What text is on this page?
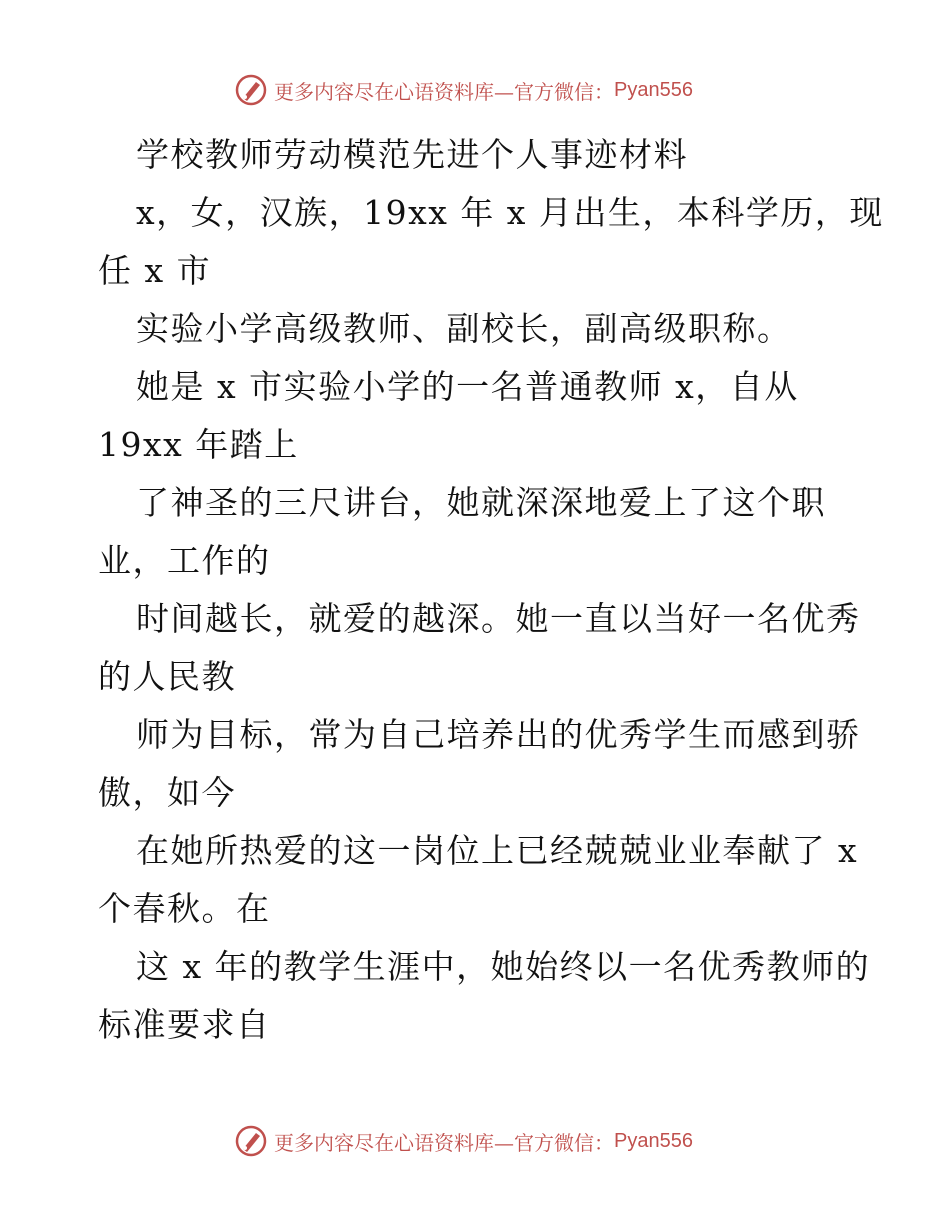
更多内容尽在心语资料库—官方微信： Pyan556
学校教师劳动模范先进个人事迹材料
x，女，汉族，19xx 年 x 月出生，本科学历，现
任 x 市
实验小学高级教师、副校长，副高级职称。
她是 x 市实验小学的一名普通教师 x，自从
19xx 年踏上
了神圣的三尺讲台，她就深深地爱上了这个职
业，工作的
时间越长，就爱的越深。她一直以当好一名优秀
的人民教
师为目标，常为自己培养出的优秀学生而感到骄
傲，如今
在她所热爱的这一岗位上已经兢兢业业奉献了 x
个春秋。在
这 x 年的教学生涯中，她始终以一名优秀教师的
标准要求自
更多内容尽在心语资料库—官方微信： Pyan556
